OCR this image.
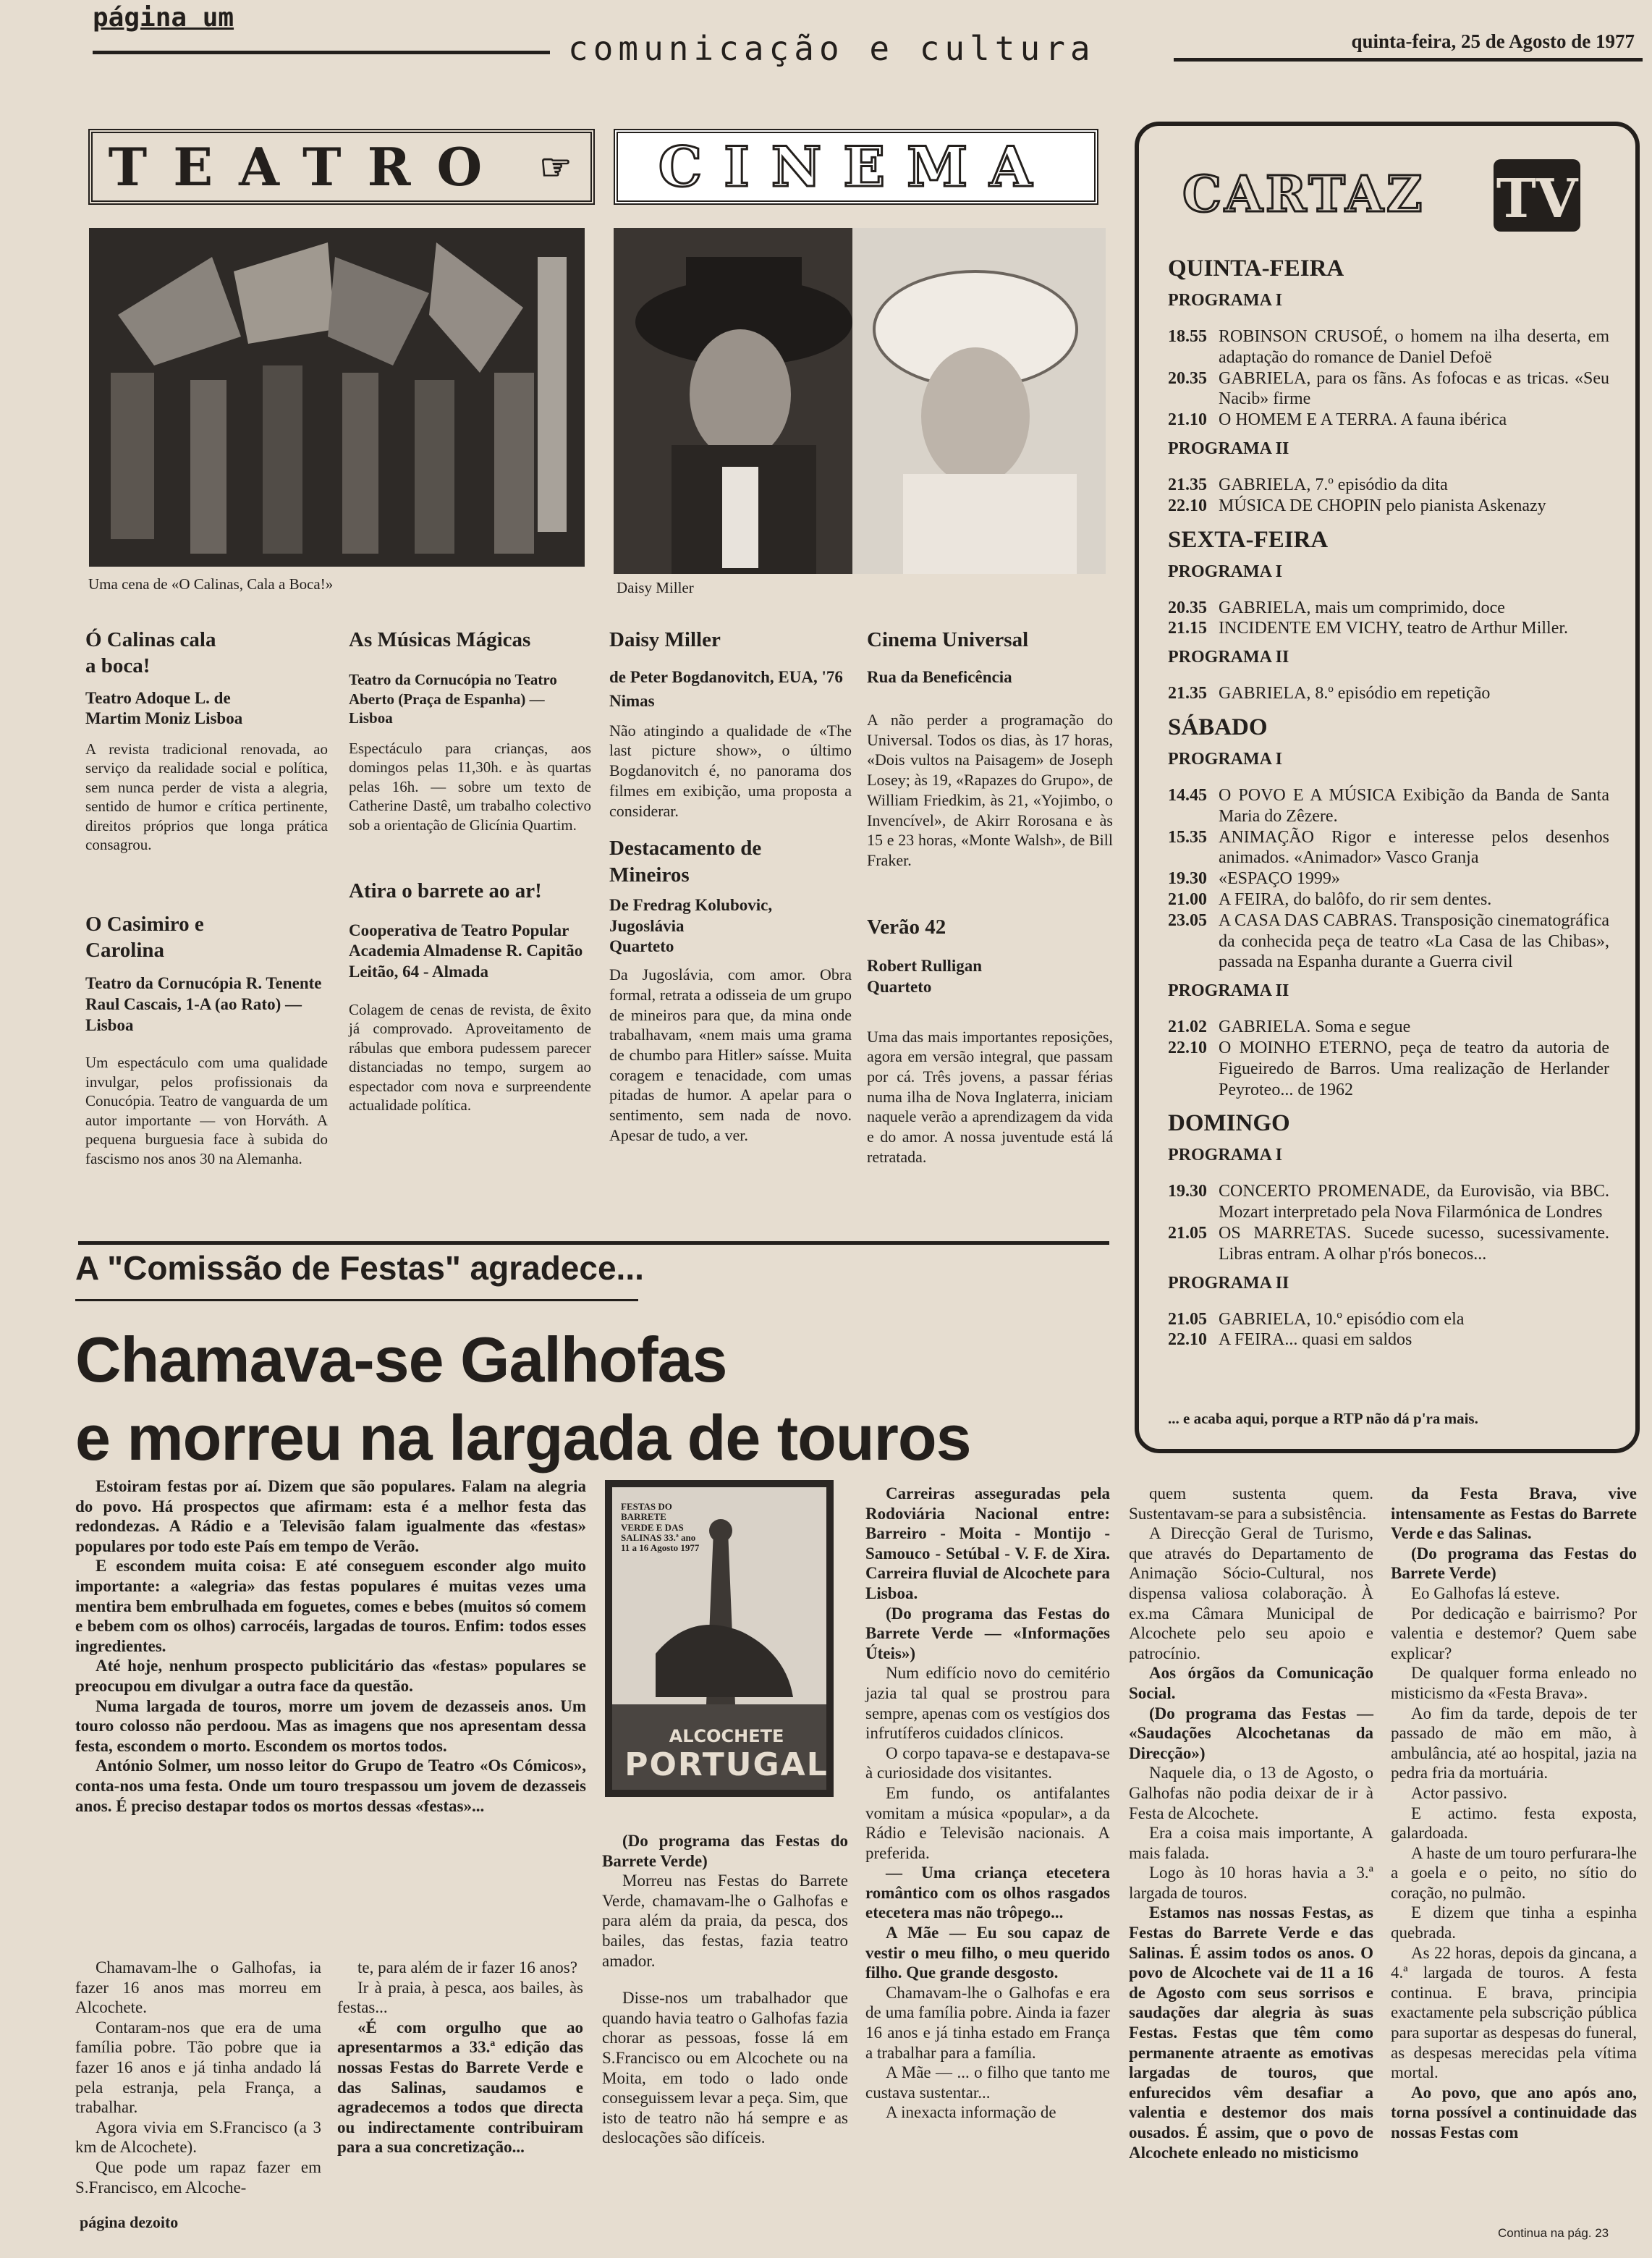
página um
comunicação e cultura	quinta-feira, 25 de Agosto de 1977
TEATRO ☞ CINEMA
Uma cena de «O Calinas, Cala a Boca!»	Daisy Miller
Ó Calinas cala a boca!
Teatro Adoque L. de Martim Moniz Lisboa
A revista tradicional renovada, ao serviço da realidade social e política, sem nunca perder de vista a alegria, sentido de humor e crítica pertinente, direitos próprios que longa prática consagrou.
O Casimiro e Carolina
Teatro da Cornucópia R. Tenente Raul Cascais, 1-A (ao Rato) — Lisboa
Um espectáculo com uma qualidade invulgar, pelos profissionais da Conucópia. Teatro de vanguarda de um autor importante — von Horváth. A pequena burguesia face à subida do fascismo nos anos 30 na Alemanha.
As Músicas Mágicas
Teatro da Cornucópia no Teatro Aberto (Praça de Espanha) — Lisboa
Espectáculo para crianças, aos domingos pelas 11,30h. e às quartas pelas 16h. — sobre um texto de Catherine Dastê, um trabalho colectivo sob a orientação de Glicínia Quartim.
Atira o barrete ao ar!
Cooperativa de Teatro Popular Academia Almadense R. Capitão Leitão, 64 - Almada
Colagem de cenas de revista, de êxito já comprovado. Aproveitamento de rábulas que embora pudessem parecer distanciadas no tempo, surgem ao espectador com nova e surpreendente actualidade política.
Daisy Miller
de Peter Bogdanovitch, EUA, '76
Nimas
Não atingindo a qualidade de «The last picture show», o último Bogdanovitch é, no panorama dos filmes em exibição, uma proposta a considerar.
Destacamento de Mineiros
De Fredrag Kolubovic, Jugoslávia
Quarteto
Da Jugoslávia, com amor. Obra formal, retrata a odisseia de um grupo de mineiros para que, da mina onde trabalhavam, «nem mais uma grama de chumbo para Hitler» saísse. Muita coragem e tenacidade, com umas pitadas de humor. A apelar para o sentimento, sem nada de novo. Apesar de tudo, a ver.
Cinema Universal
Rua da Beneficência
A não perder a programação do Universal. Todos os dias, às 17 horas, «Dois vultos na Paisagem» de Joseph Losey; às 19, «Rapazes do Grupo», de William Friedkim, às 21, «Yojimbo, o Invencível», de Akirr Rorosana e às 15 e 23 horas, «Monte Walsh», de Bill Fraker.
Verão 42
Robert Rulligan
Quarteto
Uma das mais importantes reposições, agora em versão integral, que passam por cá. Três jovens, a passar férias numa ilha de Nova Inglaterra, iniciam naquele verão a aprendizagem da vida e do amor. A nossa juventude está lá retratada.
CARTAZ TV
QUINTA-FEIRA
PROGRAMA I
18.55 ROBINSON CRUSOÉ, o homem na ilha deserta, em adaptação do romance de Daniel Defoë
20.35 GABRIELA, para os fãns. As fofocas e as tricas. «Seu Nacib» firme
21.10 O HOMEM E A TERRA. A fauna ibérica
PROGRAMA II
21.35 GABRIELA, 7.º episódio da dita
22.10 MÚSICA DE CHOPIN pelo pianista Askenazy
SEXTA-FEIRA
PROGRAMA I
20.35 GABRIELA, mais um comprimido, doce
21.15 INCIDENTE EM VICHY, teatro de Arthur Miller.
PROGRAMA II
21.35 GABRIELA, 8.º episódio em repetição
SÁBADO
PROGRAMA I
14.45 O POVO E A MÚSICA Exibição da Banda de Santa Maria do Zêzere.
15.35 ANIMAÇÃO Rigor e interesse pelos desenhos animados. «Animador» Vasco Granja
19.30 «ESPAÇO 1999»
21.00 A FEIRA, do balôfo, do rir sem dentes.
23.05 A CASA DAS CABRAS. Transposição cinematográfica da conhecida peça de teatro «La Casa de las Chibas», passada na Espanha durante a Guerra civil
PROGRAMA II
21.02 GABRIELA. Soma e segue
22.10 O MOINHO ETERNO, peça de teatro da autoria de Figueiredo de Barros. Uma realização de Herlander Peyroteo... de 1962
DOMINGO
PROGRAMA I
19.30 CONCERTO PROMENADE, da Eurovisão, via BBC. Mozart interpretado pela Nova Filarmónica de Londres
21.05 OS MARRETAS. Sucede sucesso, sucessivamente. Libras entram. A olhar p'rós bonecos...
PROGRAMA II
21.05 GABRIELA, 10.º episódio com ela
22.10 A FEIRA... quasi em saldos
... e acaba aqui, porque a RTP não dá p'ra mais.
A "Comissão de Festas" agradece...
Chamava-se Galhofas
e morreu na largada de touros

Estoiram festas por aí. Dizem que são populares. Falam na alegria do povo. Há prospectos que afirmam: esta é a melhor festa das redondezas. A Rádio e a Televisão falam igualmente das «festas» populares por todo este País em tempo de Verão.

E escondem muita coisa: E até conseguem esconder algo muito importante: a «alegria» das festas populares é muitas vezes uma mentira bem embrulhada em foguetes, comes e bebes (muitos só comem e bebem com os olhos) carrocéis, largadas de touros. Enfim: todos esses ingredientes.

Até hoje, nenhum prospecto publicitário das «festas» populares se preocupou em divulgar a outra face da questão.

Numa largada de touros, morre um jovem de dezasseis anos. Um touro colosso não perdoou. Mas as imagens que nos apresentam dessa festa, escondem o morto. Escondem os mortos todos.

António Solmer, um nosso leitor do Grupo de Teatro «Os Cómicos», conta-nos uma festa. Onde um touro trespassou um jovem de dezasseis anos. É preciso destapar todos os mortos dessas «festas»...

Chamavam-lhe o Galhofas, ia fazer 16 anos mas morreu em Alcochete.

Contaram-nos que era de uma família pobre. Tão pobre que ia fazer 16 anos e já tinha andado lá pela estranja, pela França, a trabalhar.

Agora vivia em S.Francisco (a 3 km de Alcochete).

Que pode um rapaz fazer em S.Francisco, em Alcoche-

te, para além de ir fazer 16 anos?

Ir à praia, à pesca, aos bailes, às festas...

«É com orgulho que ao apresentarmos a 33.ª edição das nossas Festas do Barrete Verde e das Salinas, saudamos e agradecemos a todos que directa ou indirectamente contribuiram para a sua concretização...

FESTAS DO BARRETE VERDE E DAS SALINAS 33.ª ano 11 a 16 Agosto 1977
ALCOCHETE
PORTUGAL

(Do programa das Festas do Barrete Verde)

Morreu nas Festas do Barrete Verde, chamavam-lhe o Galhofas e para além da praia, da pesca, dos bailes, das festas, fazia teatro amador.

Disse-nos um trabalhador que quando havia teatro o Galhofas fazia chorar as pessoas, fosse lá em S.Francisco ou em Alcochete ou na Moita, em todo o lado onde conseguissem levar a peça. Sim, que isto de teatro não há sempre e as deslocações são difíceis.

Carreiras asseguradas pela Rodoviária Nacional entre: Barreiro - Moita - Montijo - Samouco - Setúbal - V. F. de Xira. Carreira fluvial de Alcochete para Lisboa.

(Do programa das Festas do Barrete Verde — «Informações Úteis»)

Num edifício novo do cemitério jazia tal qual se prostrou para sempre, apenas com os vestígios dos infrutíferos cuidados clínicos.

O corpo tapava-se e destapava-se à curiosidade dos visitantes.

Em fundo, os antifalantes vomitam a música «popular», a da Rádio e Televisão nacionais. A preferida.

— Uma criança etecetera romântico com os olhos rasgados etecetera mas não trôpego...

A Mãe — Eu sou capaz de vestir o meu filho, o meu querido filho. Que grande desgosto.

Chamavam-lhe o Galhofas e era de uma família pobre. Ainda ia fazer 16 anos e já tinha estado em França a trabalhar para a família.

A Mãe — ... o filho que tanto me custava sustentar...

A inexacta informação de

quem sustenta quem. Sustentavam-se para a subsistência.

A Direcção Geral de Turismo, que através do Departamento de Animação Sócio-Cultural, nos dispensa valiosa colaboração. À ex.ma Câmara Municipal de Alcochete pelo seu apoio e patrocínio.

Aos órgãos da Comunicação Social.

(Do programa das Festas — «Saudações Alcochetanas da Direcção»)

Naquele dia, o 13 de Agosto, o Galhofas não podia deixar de ir à Festa de Alcochete.

Era a coisa mais importante, A mais falada.

Logo às 10 horas havia a 3.ª largada de touros.

Estamos nas nossas Festas, as Festas do Barrete Verde e das Salinas. É assim todos os anos. O povo de Alcochete vai de 11 a 16 de Agosto com seus sorrisos e saudações dar alegria às suas Festas. Festas que têm como permanente atraente as emotivas largadas de touros, que enfurecidos vêm desafiar a valentia e destemor dos mais ousados. É assim, que o povo de Alcochete enleado no misticismo

da Festa Brava, vive intensamente as Festas do Barrete Verde e das Salinas.

(Do programa das Festas do Barrete Verde)

Eo Galhofas lá esteve.

Por dedicação e bairrismo? Por valentia e destemor? Quem sabe explicar?

De qualquer forma enleado no misticismo da «Festa Brava».

Ao fim da tarde, depois de ter passado de mão em mão, à ambulância, até ao hospital, jazia na pedra fria da mortuária.

Actor passivo.

E actimo. festa exposta, galardoada.

A haste de um touro perfurara-lhe a goela e o peito, no sítio do coração, no pulmão.

E dizem que tinha a espinha quebrada.

As 22 horas, depois da gincana, a 4.ª largada de touros. A festa continua. E brava, principia exactamente pela subscrição pública para suportar as despesas do funeral, as despesas merecidas pela vítima mortal.

Ao povo, que ano após ano, torna possível a continuidade das nossas Festas com

página dezoito
Continua na pág. 23
